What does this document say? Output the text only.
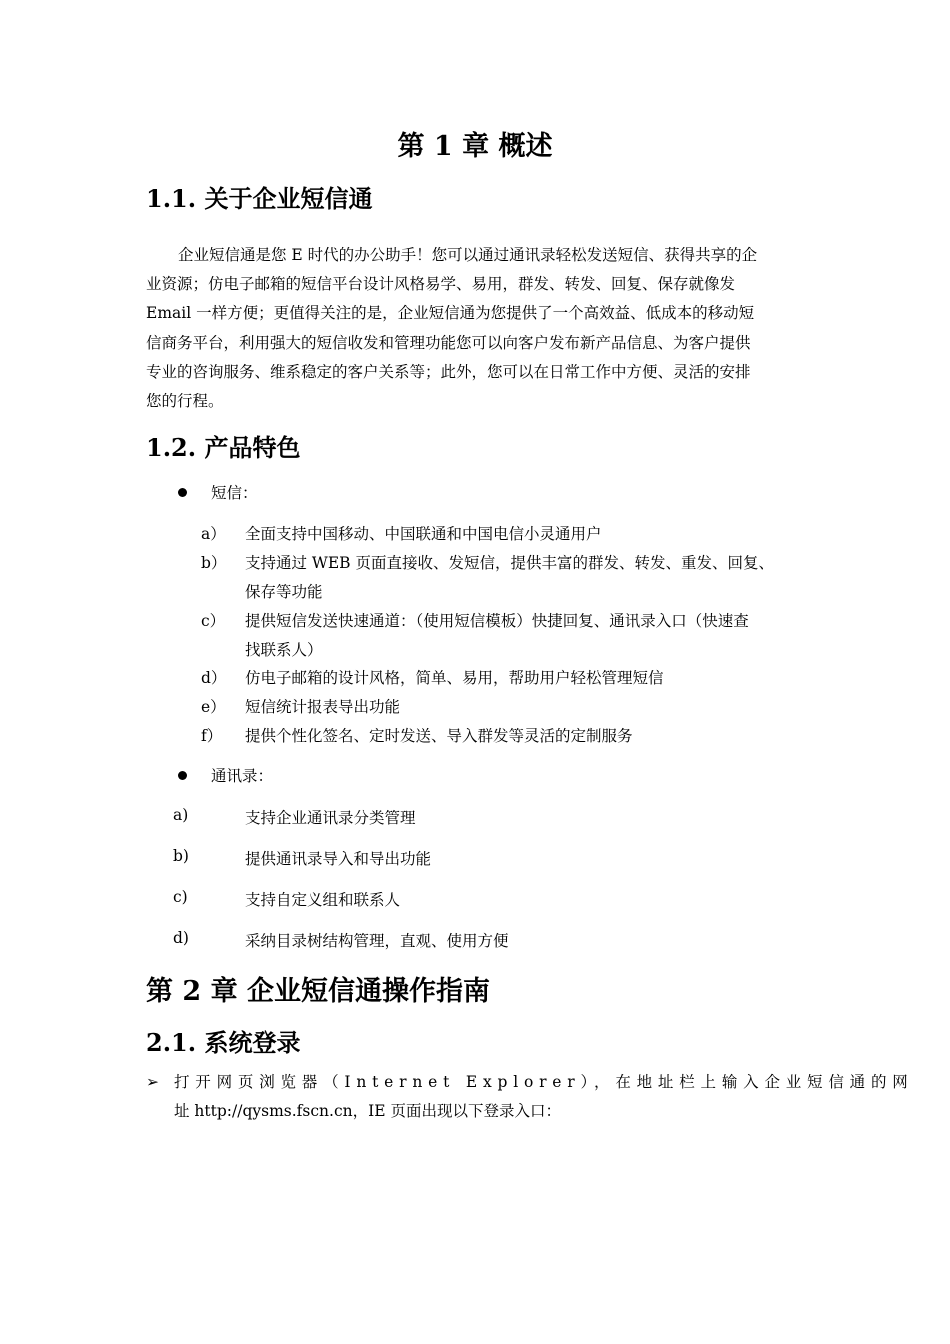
第 1 章 概述
1.1. 关于企业短信通
企业短信通是您 E 时代的办公助手！您可以通过通讯录轻松发送短信、获得共享的企
业资源；仿电子邮箱的短信平台设计风格易学、易用，群发、转发、回复、保存就像发
Email 一样方便；更值得关注的是，企业短信通为您提供了一个高效益、低成本的移动短
信商务平台，利用强大的短信收发和管理功能您可以向客户发布新产品信息、为客户提供
专业的咨询服务、维系稳定的客户关系等；此外，您可以在日常工作中方便、灵活的安排
您的行程。
1.2. 产品特色
短信：
a） 全面支持中国移动、中国联通和中国电信小灵通用户
b） 支持通过 WEB 页面直接收、发短信，提供丰富的群发、转发、重发、回复、
保存等功能
c） 提供短信发送快速通道：（使用短信模板）快捷回复、通讯录入口（快速查
找联系人）
d） 仿电子邮箱的设计风格，简单、易用，帮助用户轻松管理短信
e） 短信统计报表导出功能
f） 提供个性化签名、定时发送、导入群发等灵活的定制服务
通讯录：
a)	支持企业通讯录分类管理
b)	提供通讯录导入和导出功能
c)	支持自定义组和联系人
d)	采纳目录树结构管理，直观、使用方便
第 2 章 企业短信通操作指南
2.1. 系统登录
➢ 打开网页浏览器（Internet Explorer），在地址栏上输入企业短信通的网
址 http://qysms.fscn.cn，IE 页面出现以下登录入口：
